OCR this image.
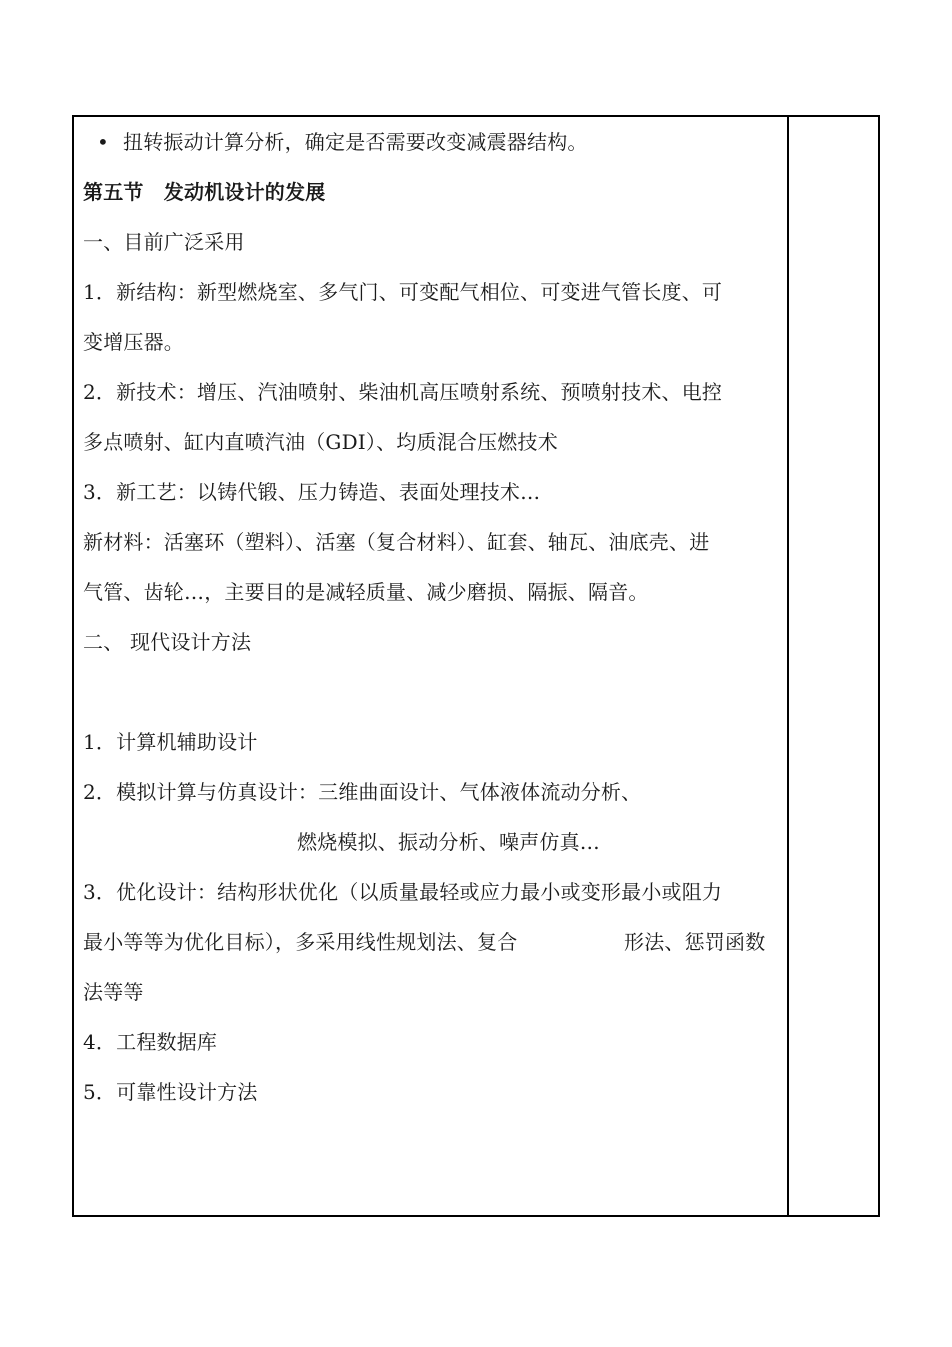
• 扭转振动计算分析，确定是否需要改变减震器结构。
第五节　发动机设计的发展
一、目前广泛采用
1．新结构：新型燃烧室、多气门、可变配气相位、可变进气管长度、可
变增压器。
2．新技术：增压、汽油喷射、柴油机高压喷射系统、预喷射技术、电控
多点喷射、缸内直喷汽油（GDI）、均质混合压燃技术
3．新工艺：以铸代锻、压力铸造、表面处理技术…
新材料：活塞环（塑料）、活塞（复合材料）、缸套、轴瓦、油底壳、进
气管、齿轮…，主要目的是减轻质量、减少磨损、隔振、隔音。
二、 现代设计方法
1．计算机辅助设计
2．模拟计算与仿真设计：三维曲面设计、气体液体流动分析、
燃烧模拟、振动分析、噪声仿真…
3．优化设计：结构形状优化（以质量最轻或应力最小或变形最小或阻力
最小等等为优化目标），多采用线性规划法、复合	形法、惩罚函数
法等等
4．工程数据库
5．可靠性设计方法
